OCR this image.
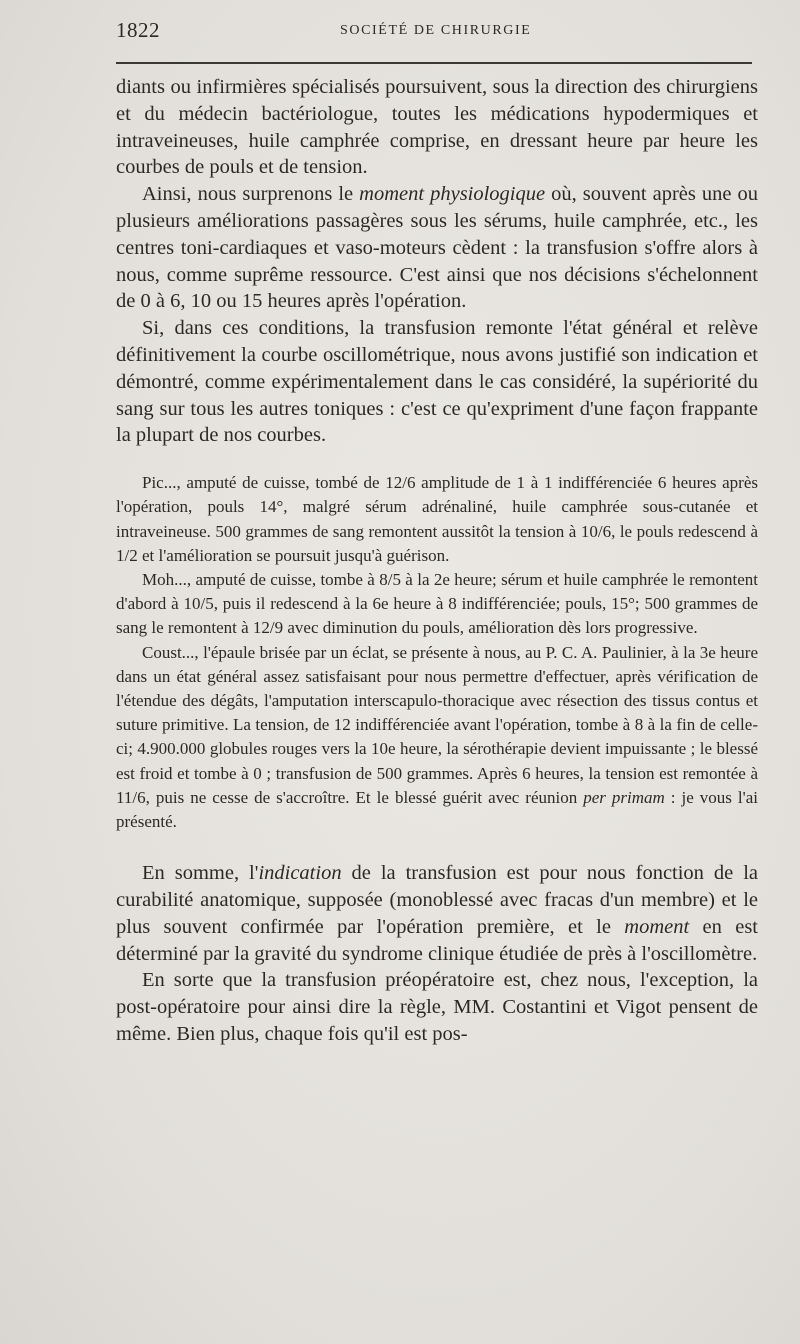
1822	SOCIÉTÉ DE CHIRURGIE

diants ou infirmières spécialisés poursuivent, sous la direction des chirurgiens et du médecin bactériologue, toutes les médications hypodermiques et intraveineuses, huile camphrée comprise, en dressant heure par heure les courbes de pouls et de tension.

Ainsi, nous surprenons le moment physiologique où, souvent après une ou plusieurs améliorations passagères sous les sérums, huile camphrée, etc., les centres toni-cardiaques et vaso-moteurs cèdent : la transfusion s'offre alors à nous, comme suprême ressource. C'est ainsi que nos décisions s'échelonnent de 0 à 6, 10 ou 15 heures après l'opération.

Si, dans ces conditions, la transfusion remonte l'état général et relève définitivement la courbe oscillométrique, nous avons justifié son indication et démontré, comme expérimentalement dans le cas considéré, la supériorité du sang sur tous les autres toniques : c'est ce qu'expriment d'une façon frappante la plupart de nos courbes.

Pic..., amputé de cuisse, tombé de 12/6 amplitude de 1 à 1 indifférenciée 6 heures après l'opération, pouls 14°, malgré sérum adrénaliné, huile camphrée sous-cutanée et intraveineuse. 500 grammes de sang remontent aussitôt la tension à 10/6, le pouls redescend à 1/2 et l'amélioration se poursuit jusqu'à guérison.

Moh..., amputé de cuisse, tombe à 8/5 à la 2e heure; sérum et huile camphrée le remontent d'abord à 10/5, puis il redescend à la 6e heure à 8 indifférenciée; pouls, 15°; 500 grammes de sang le remontent à 12/9 avec diminution du pouls, amélioration dès lors progressive.

Coust..., l'épaule brisée par un éclat, se présente à nous, au P. C. A. Paulinier, à la 3e heure dans un état général assez satisfaisant pour nous permettre d'effectuer, après vérification de l'étendue des dégâts, l'amputation interscapulo-thoracique avec résection des tissus contus et suture primitive. La tension, de 12 indifférenciée avant l'opération, tombe à 8 à la fin de celle-ci; 4.900.000 globules rouges vers la 10e heure, la sérothérapie devient impuissante ; le blessé est froid et tombe à 0 ; transfusion de 500 grammes. Après 6 heures, la tension est remontée à 11/6, puis ne cesse de s'accroître. Et le blessé guérit avec réunion per primam : je vous l'ai présenté.

En somme, l'indication de la transfusion est pour nous fonction de la curabilité anatomique, supposée (monoblessé avec fracas d'un membre) et le plus souvent confirmée par l'opération première, et le moment en est déterminé par la gravité du syndrome clinique étudiée de près à l'oscillomètre.

En sorte que la transfusion préopératoire est, chez nous, l'exception, la post-opératoire pour ainsi dire la règle, MM. Costantini et Vigot pensent de même. Bien plus, chaque fois qu'il est pos-
